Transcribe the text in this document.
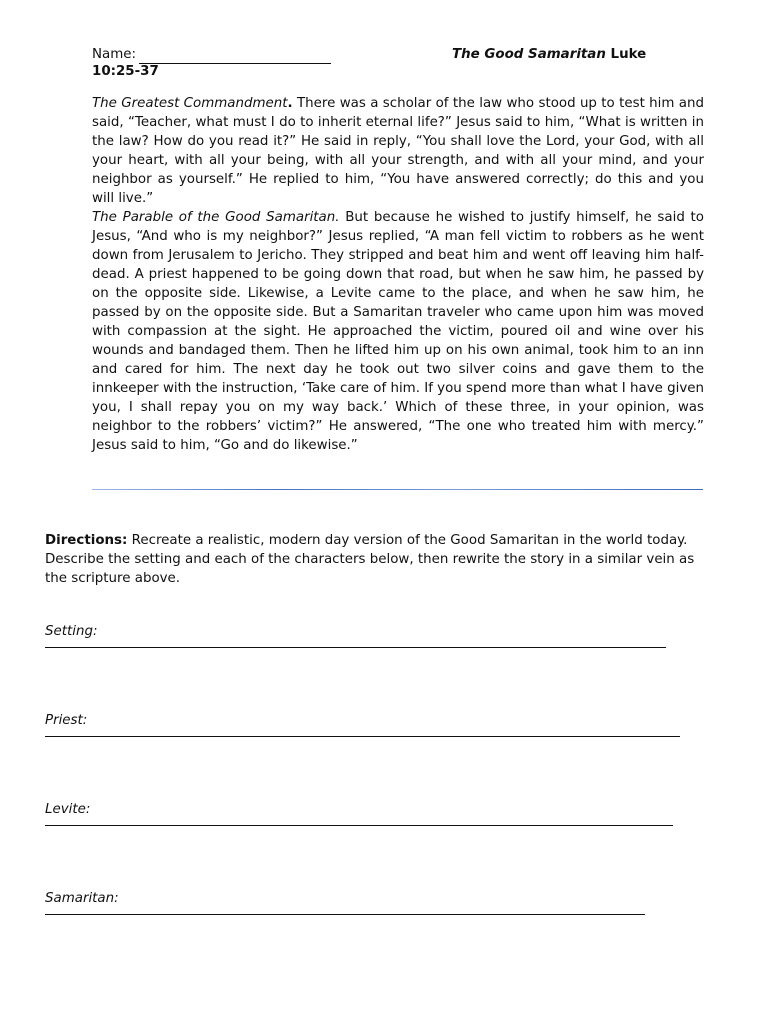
Name:	The Good Samaritan Luke
10:25-37

The Greatest Commandment. There was a scholar of the law who stood up to test him and said, “Teacher, what must I do to inherit eternal life?” Jesus said to him, “What is written in the law? How do you read it?” He said in reply, “You shall love the Lord, your God, with all your heart, with all your being, with all your strength, and with all your mind, and your neighbor as yourself.” He replied to him, “You have answered correctly; do this and you will live.”

The Parable of the Good Samaritan. But because he wished to justify himself, he said to Jesus, “And who is my neighbor?” Jesus replied, “A man fell victim to robbers as he went down from Jerusalem to Jericho. They stripped and beat him and went off leaving him half-dead. A priest happened to be going down that road, but when he saw him, he passed by on the opposite side. Likewise, a Levite came to the place, and when he saw him, he passed by on the opposite side. But a Samaritan traveler who came upon him was moved with compassion at the sight. He approached the victim, poured oil and wine over his wounds and bandaged them. Then he lifted him up on his own animal, took him to an inn and cared for him. The next day he took out two silver coins and gave them to the innkeeper with the instruction, ‘Take care of him. If you spend more than what I have given you, I shall repay you on my way back.’ Which of these three, in your opinion, was neighbor to the robbers’ victim?” He answered, “The one who treated him with mercy.” Jesus said to him, “Go and do likewise.”

Directions: Recreate a realistic, modern day version of the Good Samaritan in the world today. Describe the setting and each of the characters below, then rewrite the story in a similar vein as the scripture above.
Setting:
Priest:
Levite:
Samaritan:
